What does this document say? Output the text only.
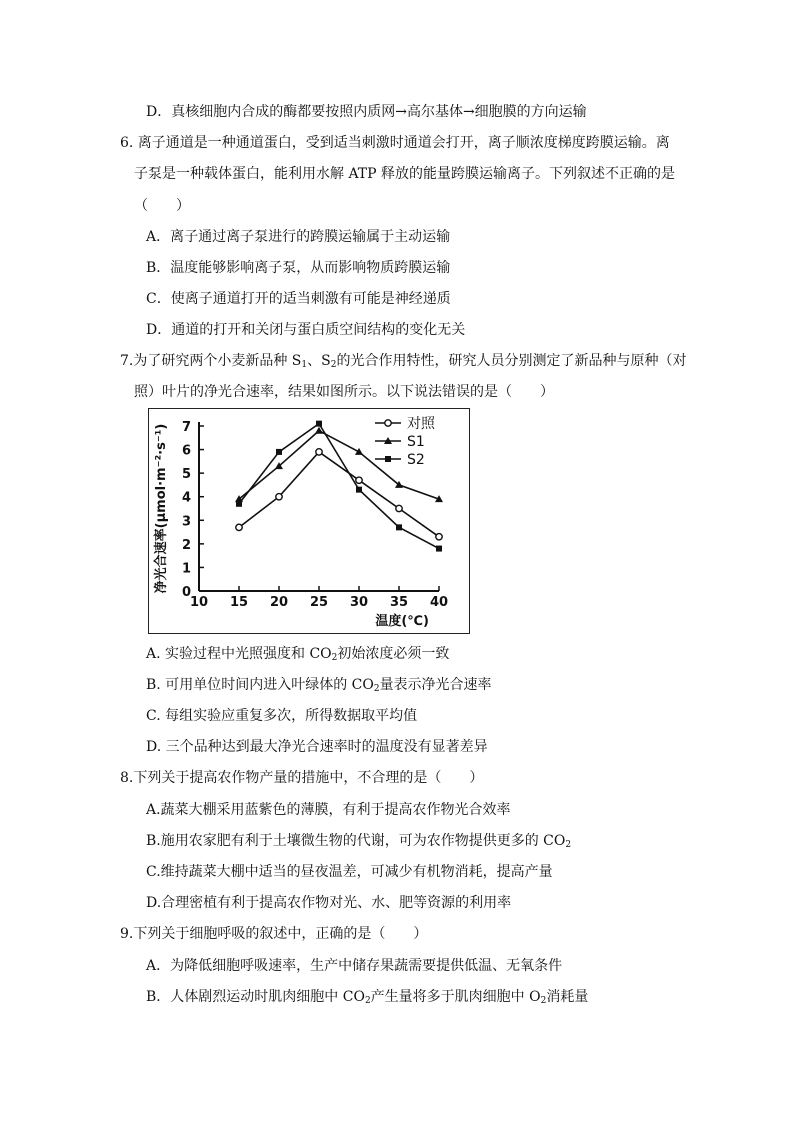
D．真核细胞内合成的酶都要按照内质网→高尔基体→细胞膜的方向运输
6. 离子通道是一种通道蛋白，受到适当刺激时通道会打开，离子顺浓度梯度跨膜运输。离
子泵是一种载体蛋白，能利用水解 ATP 释放的能量跨膜运输离子。下列叙述不正确的是
（　　）
A．离子通过离子泵进行的跨膜运输属于主动运输
B．温度能够影响离子泵，从而影响物质跨膜运输
C．使离子通道打开的适当刺激有可能是神经递质
D．通道的打开和关闭与蛋白质空间结构的变化无关
7.为了研究两个小麦新品种 $S_1$、$S_2$的光合作用特性，研究人员分别测定了新品种与原种（对
照）叶片的净光合速率，结果如图所示。以下说法错误的是（　　）
10 15 20 25 30 35 40
0
1
2
3
4
5
6
7
温度(℃)
净光合速率(μmol·m⁻²·s⁻¹)	对照
S1
S2
A. 实验过程中光照强度和 $CO_2$初始浓度必须一致
B. 可用单位时间内进入叶绿体的 $CO_2$量表示净光合速率
C. 每组实验应重复多次，所得数据取平均值
D. 三个品种达到最大净光合速率时的温度没有显著差异
8.下列关于提高农作物产量的措施中，不合理的是（　　）
A.蔬菜大棚采用蓝紫色的薄膜，有利于提高农作物光合效率
B.施用农家肥有利于土壤微生物的代谢，可为农作物提供更多的 $CO_2$
C.维持蔬菜大棚中适当的昼夜温差，可减少有机物消耗，提高产量
D.合理密植有利于提高农作物对光、水、肥等资源的利用率
9.下列关于细胞呼吸的叙述中，正确的是（　　）
A．为降低细胞呼吸速率，生产中储存果蔬需要提供低温、无氧条件
B．人体剧烈运动时肌肉细胞中 $CO_2$产生量将多于肌肉细胞中 $O_2$消耗量
